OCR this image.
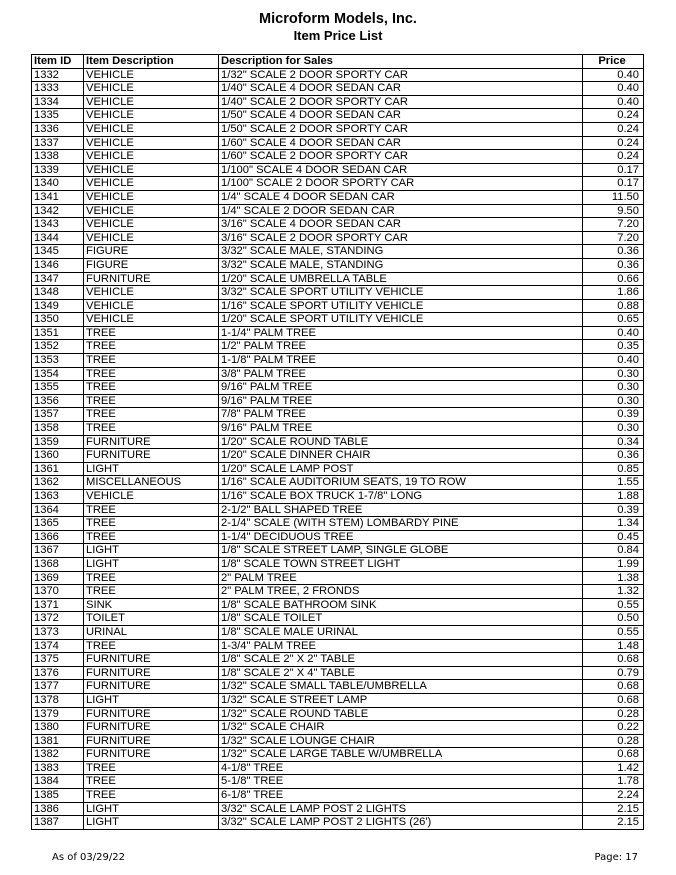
Microform Models, Inc.
Item Price List
Item ID	Item Description	Description for Sales	Price
1332	VEHICLE	1/32" SCALE 2 DOOR SPORTY CAR	0.40
1333	VEHICLE	1/40" SCALE 4 DOOR SEDAN CAR	0.40
1334	VEHICLE	1/40" SCALE 2 DOOR SPORTY CAR	0.40
1335	VEHICLE	1/50" SCALE 4 DOOR SEDAN CAR	0.24
1336	VEHICLE	1/50" SCALE 2 DOOR SPORTY CAR	0.24
1337	VEHICLE	1/60" SCALE 4 DOOR SEDAN CAR	0.24
1338	VEHICLE	1/60" SCALE 2 DOOR SPORTY CAR	0.24
1339	VEHICLE	1/100" SCALE 4 DOOR SEDAN CAR	0.17
1340	VEHICLE	1/100" SCALE 2 DOOR SPORTY CAR	0.17
1341	VEHICLE	1/4" SCALE 4 DOOR SEDAN CAR	11.50
1342	VEHICLE	1/4" SCALE 2 DOOR SEDAN CAR	9.50
1343	VEHICLE	3/16" SCALE 4 DOOR SEDAN CAR	7.20
1344	VEHICLE	3/16" SCALE 2 DOOR SPORTY CAR	7.20
1345	FIGURE	3/32" SCALE MALE, STANDING	0.36
1346	FIGURE	3/32" SCALE MALE, STANDING	0.36
1347	FURNITURE	1/20" SCALE UMBRELLA TABLE	0.66
1348	VEHICLE	3/32" SCALE SPORT UTILITY VEHICLE	1.86
1349	VEHICLE	1/16" SCALE SPORT UTILITY VEHICLE	0.88
1350	VEHICLE	1/20" SCALE SPORT UTILITY VEHICLE	0.65
1351	TREE	1-1/4" PALM TREE	0.40
1352	TREE	1/2" PALM TREE	0.35
1353	TREE	1-1/8" PALM TREE	0.40
1354	TREE	3/8" PALM TREE	0.30
1355	TREE	9/16" PALM TREE	0.30
1356	TREE	9/16" PALM TREE	0.30
1357	TREE	7/8" PALM TREE	0.39
1358	TREE	9/16" PALM TREE	0.30
1359	FURNITURE	1/20" SCALE ROUND TABLE	0.34
1360	FURNITURE	1/20" SCALE DINNER CHAIR	0.36
1361	LIGHT	1/20" SCALE LAMP POST	0.85
1362	MISCELLANEOUS	1/16" SCALE AUDITORIUM SEATS, 19 TO ROW	1.55
1363	VEHICLE	1/16" SCALE BOX TRUCK 1-7/8" LONG	1.88
1364	TREE	2-1/2" BALL SHAPED TREE	0.39
1365	TREE	2-1/4" SCALE (WITH STEM) LOMBARDY PINE	1.34
1366	TREE	1-1/4" DECIDUOUS TREE	0.45
1367	LIGHT	1/8" SCALE STREET LAMP, SINGLE GLOBE	0.84
1368	LIGHT	1/8" SCALE TOWN STREET LIGHT	1.99
1369	TREE	2" PALM TREE	1.38
1370	TREE	2" PALM TREE, 2 FRONDS	1.32
1371	SINK	1/8" SCALE BATHROOM SINK	0.55
1372	TOILET	1/8" SCALE TOILET	0.50
1373	URINAL	1/8" SCALE MALE URINAL	0.55
1374	TREE	1-3/4" PALM TREE	1.48
1375	FURNITURE	1/8" SCALE 2" X 2" TABLE	0.68
1376	FURNITURE	1/8" SCALE 2" X 4" TABLE	0.79
1377	FURNITURE	1/32" SCALE SMALL TABLE/UMBRELLA	0.68
1378	LIGHT	1/32" SCALE STREET LAMP	0.68
1379	FURNITURE	1/32" SCALE ROUND TABLE	0.28
1380	FURNITURE	1/32" SCALE CHAIR	0.22
1381	FURNITURE	1/32" SCALE LOUNGE CHAIR	0.28
1382	FURNITURE	1/32" SCALE LARGE TABLE W/UMBRELLA	0.68
1383	TREE	4-1/8" TREE	1.42
1384	TREE	5-1/8" TREE	1.78
1385	TREE	6-1/8" TREE	2.24
1386	LIGHT	3/32" SCALE LAMP POST 2 LIGHTS	2.15
1387	LIGHT	3/32" SCALE LAMP POST 2 LIGHTS (26')	2.15
As of 03/29/22	Page: 17
